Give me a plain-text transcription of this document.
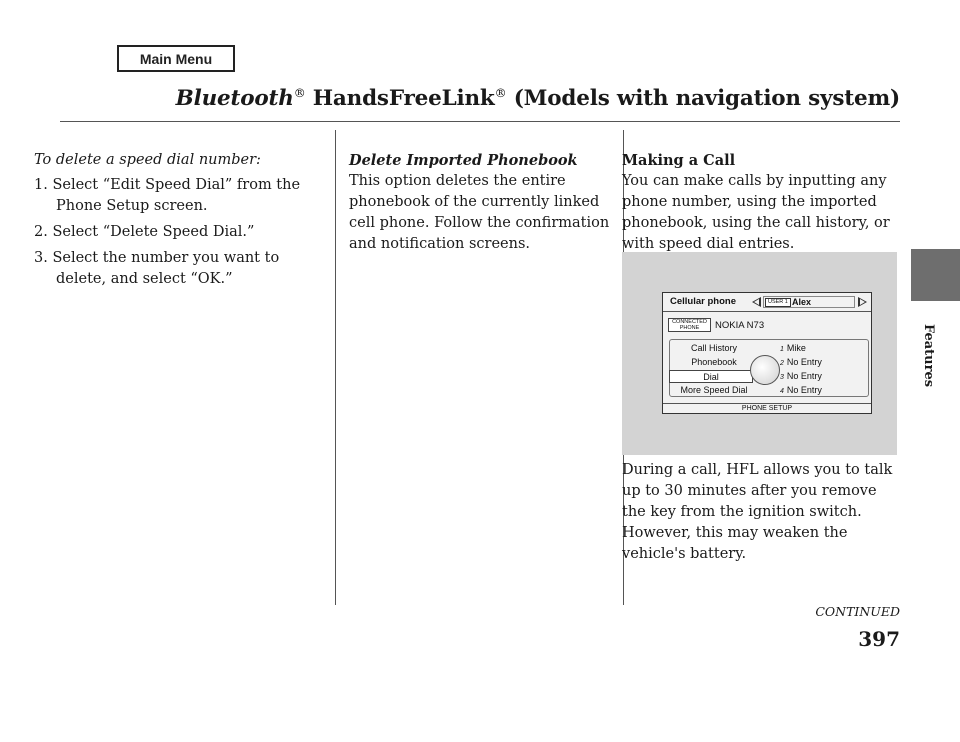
Main Menu
Bluetooth® HandsFreeLink® (Models with navigation system)
Features
To delete a speed dial number:
1. Select “Edit Speed Dial” from the Phone Setup screen.
2. Select “Delete Speed Dial.”
3. Select the number you want to delete, and select “OK.”
Delete Imported Phonebook
This option deletes the entire phonebook of the currently linked cell phone. Follow the confirmation and notification screens.
Making a Call
You can make calls by inputting any phone number, using the imported phonebook, using the call history, or with speed dial entries.
Cellular phone	Alex
USER 1
CONNECTED
PHONE	NOKIA N73
Call History
Phonebook
Dial
More Speed Dial
1 Mike
2 No Entry
3 No Entry
4 No Entry
PHONE SETUP
During a call, HFL allows you to talk up to 30 minutes after you remove the key from the ignition switch. However, this may weaken the vehicle's battery.
CONTINUED
397
